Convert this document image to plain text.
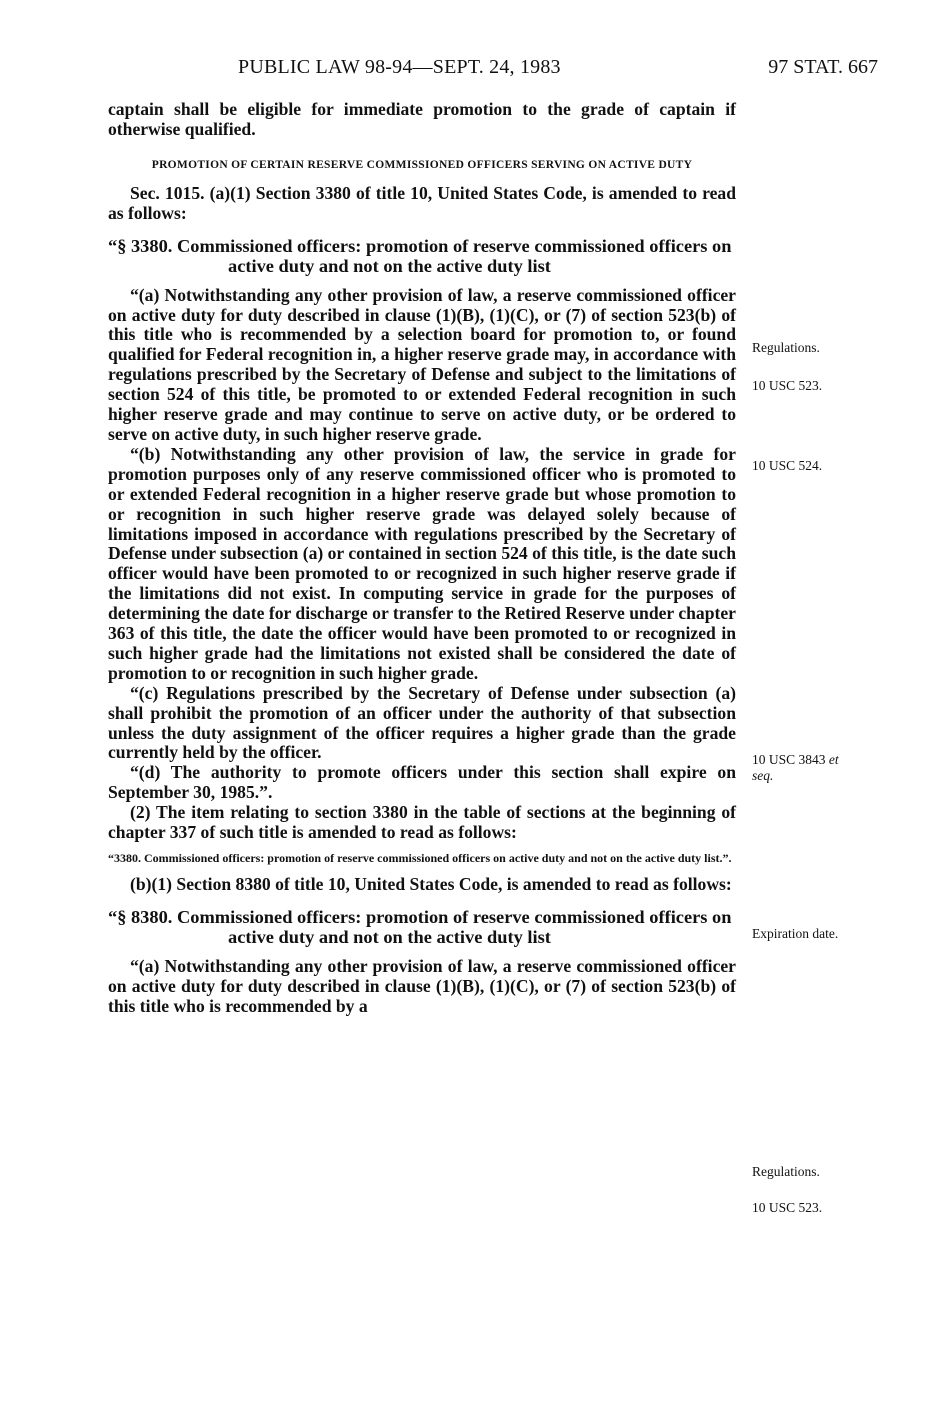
PUBLIC LAW 98-94—SEPT. 24, 1983	97 STAT. 667

captain shall be eligible for immediate promotion to the grade of captain if otherwise qualified.

PROMOTION OF CERTAIN RESERVE COMMISSIONED OFFICERS SERVING ON ACTIVE DUTY

Sec. 1015. (a)(1) Section 3380 of title 10, United States Code, is amended to read as follows:

“§ 3380. Commissioned officers: promotion of reserve commissioned officers on active duty and not on the active duty list

“(a) Notwithstanding any other provision of law, a reserve commissioned officer on active duty for duty described in clause (1)(B), (1)(C), or (7) of section 523(b) of this title who is recommended by a selection board for promotion to, or found qualified for Federal recognition in, a higher reserve grade may, in accordance with regulations prescribed by the Secretary of Defense and subject to the limitations of section 524 of this title, be promoted to or extended Federal recognition in such higher reserve grade and may continue to serve on active duty, or be ordered to serve on active duty, in such higher reserve grade.

“(b) Notwithstanding any other provision of law, the service in grade for promotion purposes only of any reserve commissioned officer who is promoted to or extended Federal recognition in a higher reserve grade but whose promotion to or recognition in such higher reserve grade was delayed solely because of limitations imposed in accordance with regulations prescribed by the Secretary of Defense under subsection (a) or contained in section 524 of this title, is the date such officer would have been promoted to or recognized in such higher reserve grade if the limitations did not exist. In computing service in grade for the purposes of determining the date for discharge or transfer to the Retired Reserve under chapter 363 of this title, the date the officer would have been promoted to or recognized in such higher grade had the limitations not existed shall be considered the date of promotion to or recognition in such higher grade.

“(c) Regulations prescribed by the Secretary of Defense under subsection (a) shall prohibit the promotion of an officer under the authority of that subsection unless the duty assignment of the officer requires a higher grade than the grade currently held by the officer.

“(d) The authority to promote officers under this section shall expire on September 30, 1985.”.

(2) The item relating to section 3380 in the table of sections at the beginning of chapter 337 of such title is amended to read as follows:

“3380. Commissioned officers: promotion of reserve commissioned officers on active duty and not on the active duty list.”.

(b)(1) Section 8380 of title 10, United States Code, is amended to read as follows:

“§ 8380. Commissioned officers: promotion of reserve commissioned officers on active duty and not on the active duty list

“(a) Notwithstanding any other provision of law, a reserve commissioned officer on active duty for duty described in clause (1)(B), (1)(C), or (7) of section 523(b) of this title who is recommended by a

Regulations.
10 USC 523.
10 USC 524.
10 USC 3843 et
seq.
Expiration date.
Regulations.
10 USC 523.
